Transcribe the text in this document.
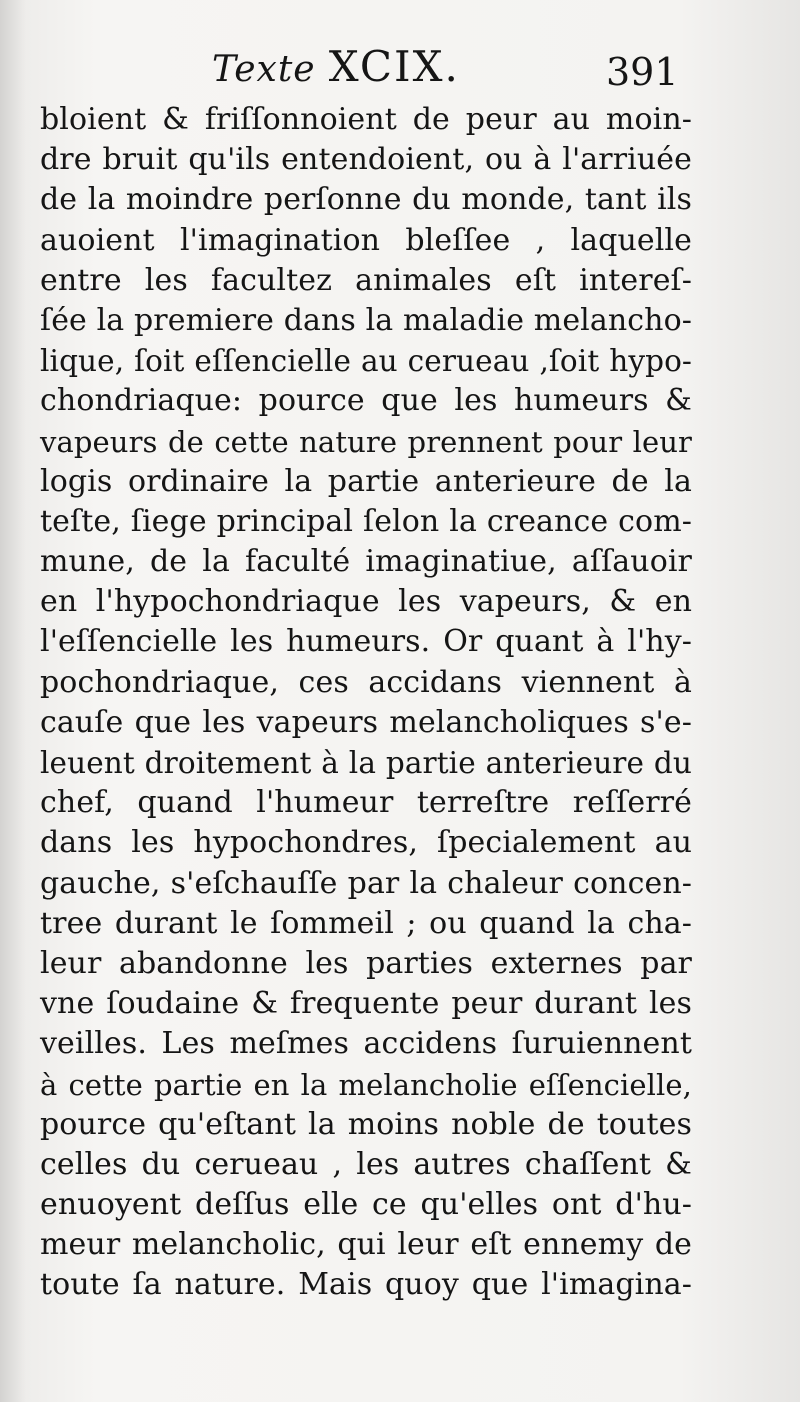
Texte XCIX.	391
bloient & friſſonnoient de peur au moin-
dre bruit qu'ils entendoient, ou à l'arriuée
de la moindre perſonne du monde, tant ils
auoient l'imagination bleſſee , laquelle
entre les facultez animales eſt intereſ-
ſée la premiere dans la maladie melancho-
lique, ſoit eſſencielle au cerueau ,ſoit hypo-
chondriaque: pource que les humeurs &
vapeurs de cette nature prennent pour leur
logis ordinaire la partie anterieure de la
teſte, ſiege principal ſelon la creance com-
mune, de la faculté imaginatiue, aſſauoir
en l'hypochondriaque les vapeurs, & en
l'eſſencielle les humeurs. Or quant à l'hy-
pochondriaque, ces accidans viennent à
cauſe que les vapeurs melancholiques s'e-
leuent droitement à la partie anterieure du
chef, quand l'humeur terreſtre reſſerré
dans les hypochondres, ſpecialement au
gauche, s'eſchauſſe par la chaleur concen-
tree durant le ſommeil ; ou quand la cha-
leur abandonne les parties externes par
vne ſoudaine & frequente peur durant les
veilles. Les meſmes accidens ſuruiennent
à cette partie en la melancholie eſſencielle,
pource qu'eſtant la moins noble de toutes
celles du cerueau , les autres chaſſent &
enuoyent deſſus elle ce qu'elles ont d'hu-
meur melancholic, qui leur eſt ennemy de
toute ſa nature. Mais quoy que l'imagina-
